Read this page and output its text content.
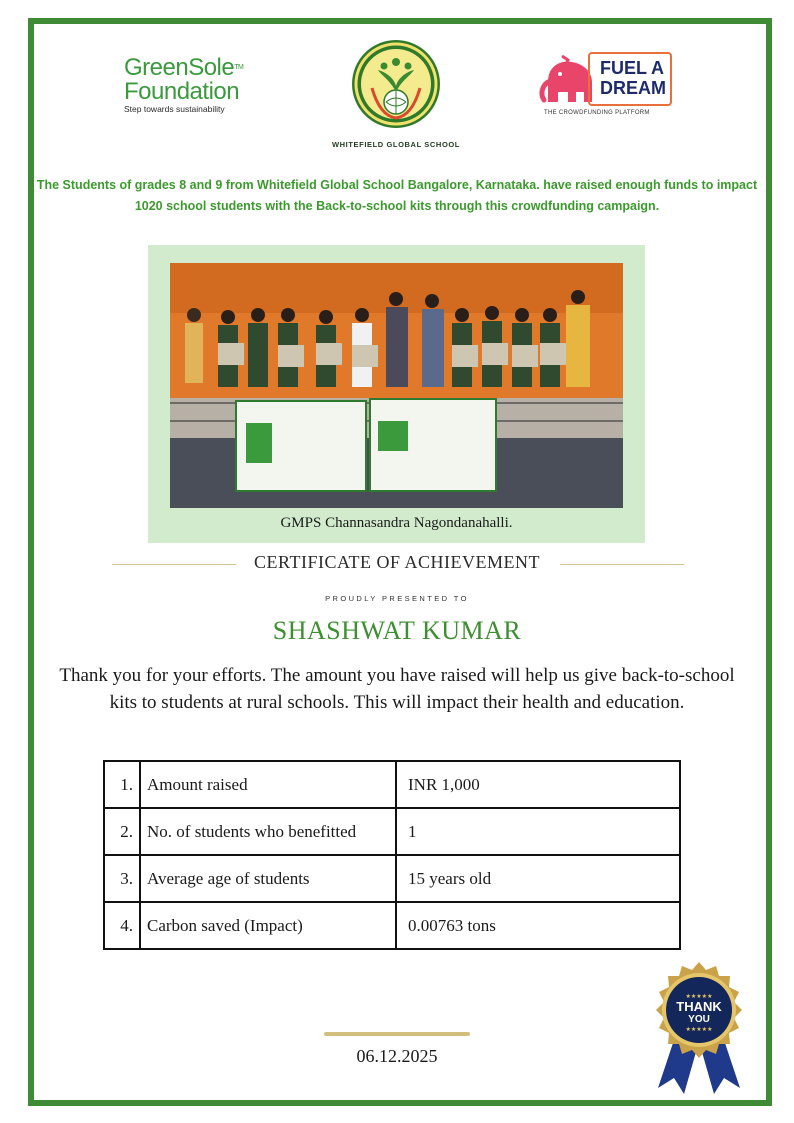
GreenSole™
Foundation
Step towards sustainability
WHITEFIELD GLOBAL SCHOOL
FUEL A
DREAM
THE CROWDFUNDING PLATFORM
The Students of grades 8 and 9 from Whitefield Global School Bangalore, Karnataka. have raised enough funds to impact 1020 school students with the Back-to-school kits through this crowdfunding campaign.
GMPS Channasandra Nagondanahalli.
CERTIFICATE OF ACHIEVEMENT
PROUDLY PRESENTED TO
SHASHWAT KUMAR
Thank you for your efforts. The amount you have raised will help us give back-to-school kits to students at rural schools. This will impact their health and education.
1.	Amount raised	INR 1,000
2.	No. of students who benefitted	1
3.	Average age of students	15 years old
4.	Carbon saved (Impact)	0.00763 tons
06.12.2025
★★★★★
THANK
YOU
★★★★★
